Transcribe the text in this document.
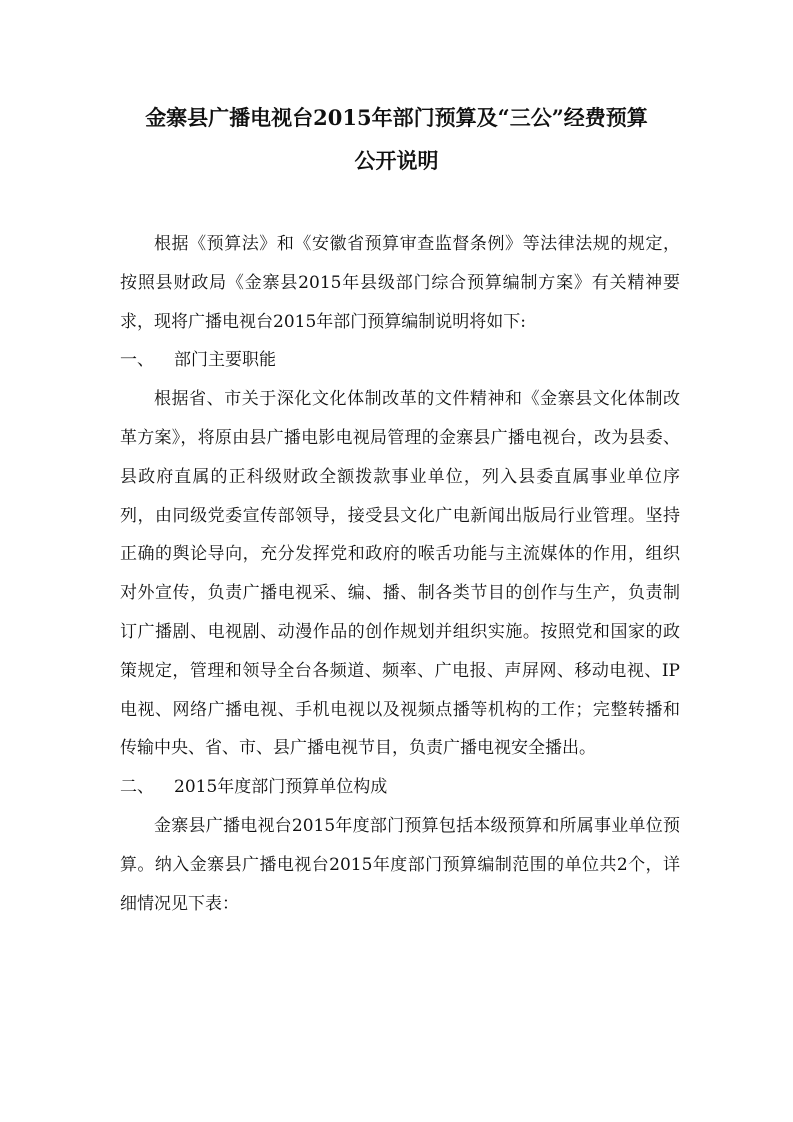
金寨县广播电视台2015年部门预算及“三公”经费预算
公开说明

根据《预算法》和《安徽省预算审查监督条例》等法律法规的规定，按照县财政局《金寨县2015年县级部门综合预算编制方案》有关精神要求，现将广播电视台2015年部门预算编制说明将如下:

一、	部门主要职能

根据省、市关于深化文化体制改革的文件精神和《金寨县文化体制改革方案》，将原由县广播电影电视局管理的金寨县广播电视台，改为县委、县政府直属的正科级财政全额拨款事业单位，列入县委直属事业单位序列，由同级党委宣传部领导，接受县文化广电新闻出版局行业管理。坚持正确的舆论导向，充分发挥党和政府的喉舌功能与主流媒体的作用，组织对外宣传，负责广播电视采、编、播、制各类节目的创作与生产，负责制订广播剧、电视剧、动漫作品的创作规划并组织实施。按照党和国家的政策规定，管理和领导全台各频道、频率、广电报、声屏网、移动电视、IP电视、网络广播电视、手机电视以及视频点播等机构的工作；完整转播和传输中央、省、市、县广播电视节目，负责广播电视安全播出。

二、	2015年度部门预算单位构成

金寨县广播电视台2015年度部门预算包括本级预算和所属事业单位预算。纳入金寨县广播电视台2015年度部门预算编制范围的单位共2个，详细情况见下表：
